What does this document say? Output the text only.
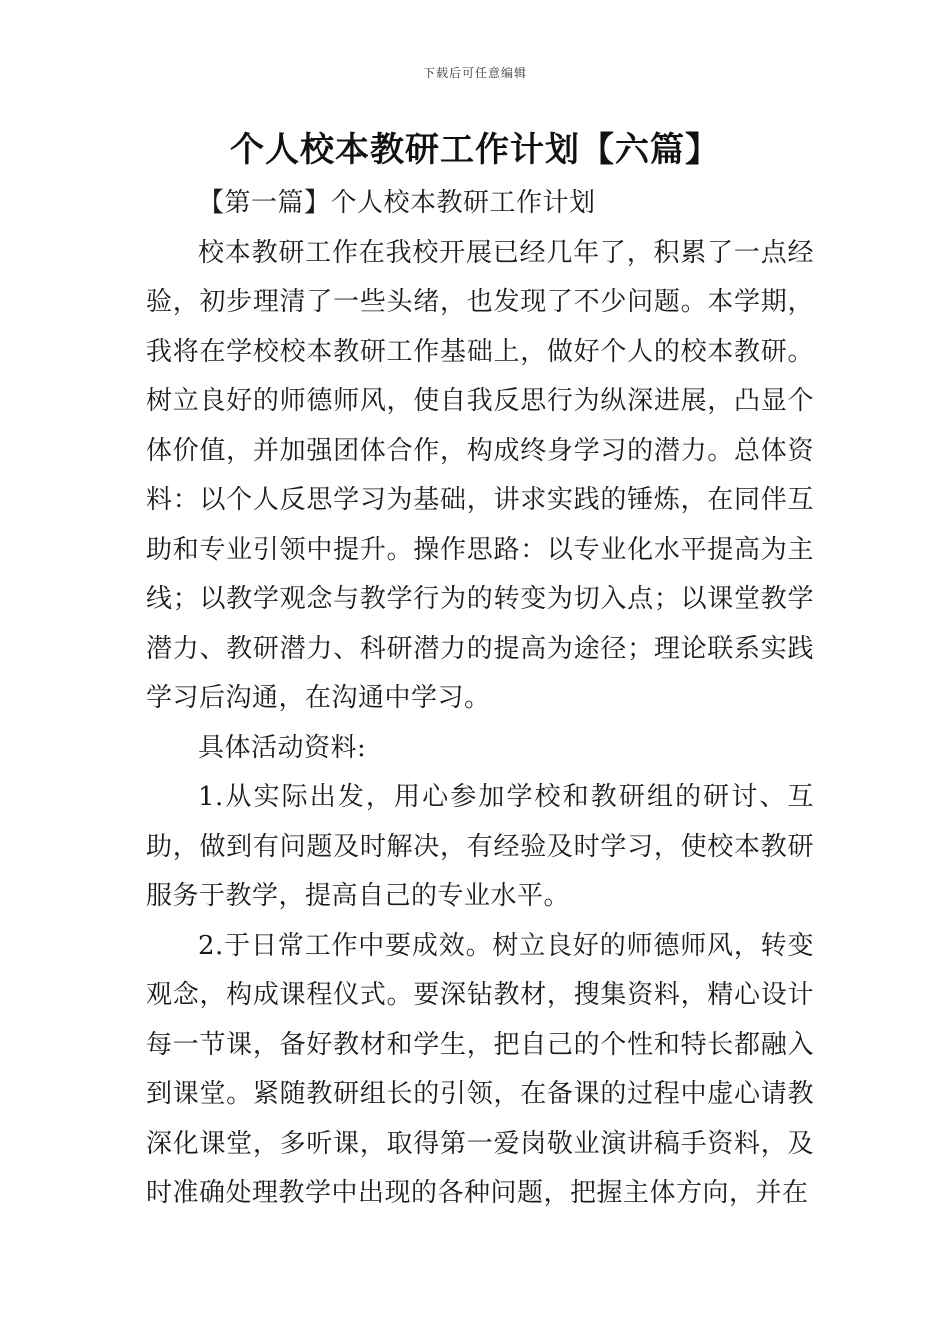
下载后可任意编辑
个人校本教研工作计划【六篇】

【第一篇】个人校本教研工作计划

校本教研工作在我校开展已经几年了，积累了一点经验，初步理清了一些头绪，也发现了不少问题。本学期，我将在学校校本教研工作基础上，做好个人的校本教研。树立良好的师德师风，使自我反思行为纵深进展，凸显个体价值，并加强团体合作，构成终身学习的潜力。总体资料：以个人反思学习为基础，讲求实践的锤炼，在同伴互助和专业引领中提升。操作思路：以专业化水平提高为主线；以教学观念与教学行为的转变为切入点；以课堂教学潜力、教研潜力、科研潜力的提高为途径；理论联系实践学习后沟通，在沟通中学习。

具体活动资料:

1.从实际出发，用心参加学校和教研组的研讨、互助，做到有问题及时解决，有经验及时学习，使校本教研服务于教学，提高自己的专业水平。

2.于日常工作中要成效。树立良好的师德师风，转变观念，构成课程仪式。要深钻教材，搜集资料，精心设计每一节课，备好教材和学生，把自己的个性和特长都融入到课堂。紧随教研组长的引领，在备课的过程中虚心请教深化课堂，多听课，取得第一爱岗敬业演讲稿手资料，及时准确处理教学中出现的各种问题，把握主体方向，并在
